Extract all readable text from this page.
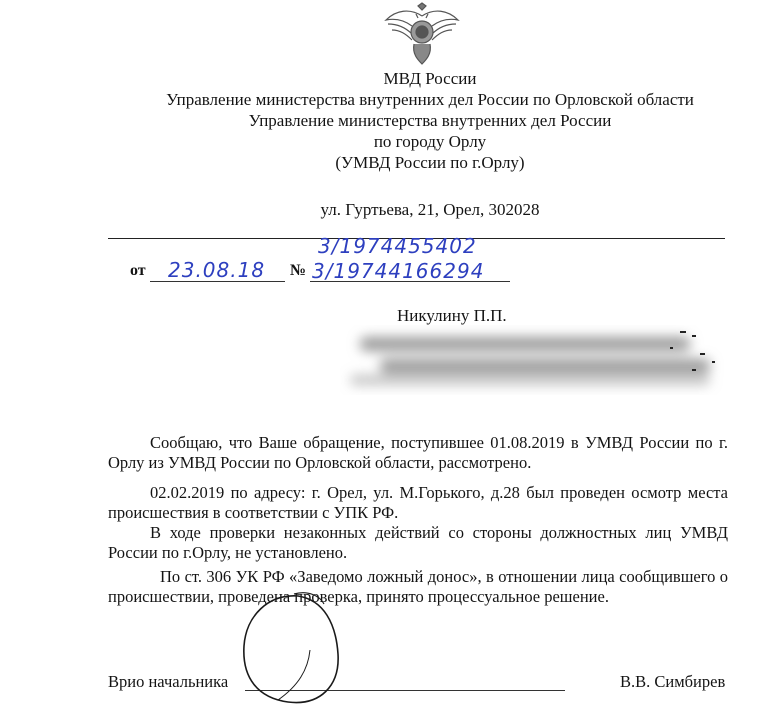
МВД России
Управление министерства внутренних дел России по Орловской области
Управление министерства внутренних дел России
по городу Орлу
(УМВД России по г.Орлу)
ул. Гуртьева, 21, Орел, 302028
3/1974455402
от 23.08.18 № 3/19744166294
Никулину П.П.
Сообщаю, что Ваше обращение, поступившее 01.08.2019 в УМВД России по г. Орлу из УМВД России по Орловской области, рассмотрено.
02.02.2019 по адресу: г. Орел, ул. М.Горького, д.28 был проведен осмотр места происшествия в соответствии с УПК РФ.
В ходе проверки незаконных действий со стороны должностных лиц УМВД России по г.Орлу, не установлено.
По ст. 306 УК РФ «Заведомо ложный донос», в отношении лица сообщившего о происшествии, проведена проверка, принято процессуальное решение.
Врио начальника	В.В. Симбирев
